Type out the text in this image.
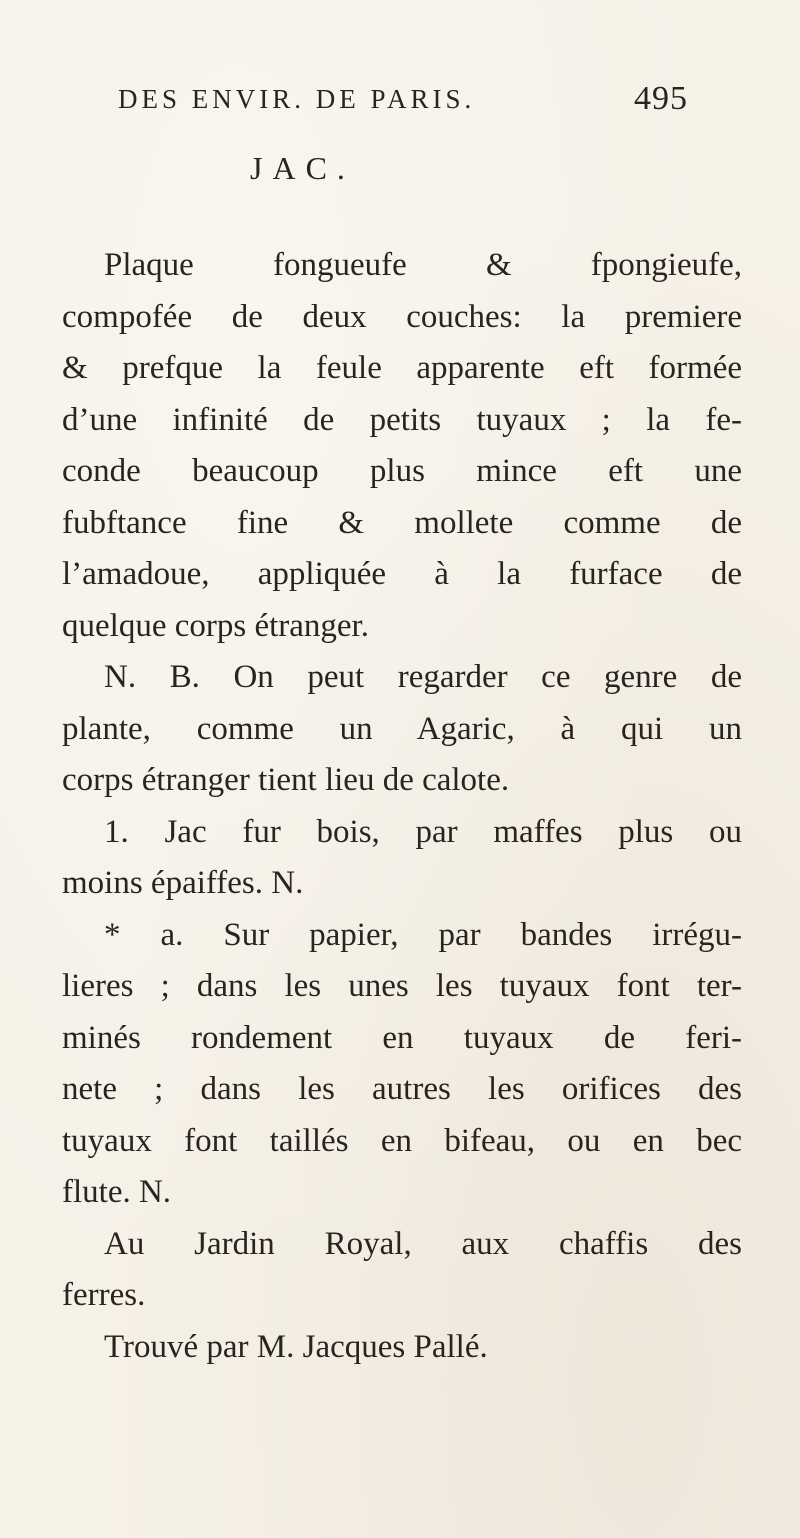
DES ENVIR. DE PARIS.	495
JAC.
Plaque fongueufe & fpongieufe,
compofée de deux couches: la premiere
& prefque la feule apparente eft formée
d’une infinité de petits tuyaux ; la fe-
conde beaucoup plus mince eft une
fubftance fine & mollete comme de
l’amadoue, appliquée à la furface de
quelque corps étranger.
N. B. On peut regarder ce genre de
plante, comme un Agaric, à qui un
corps étranger tient lieu de calote.
1. Jac fur bois, par maffes plus ou
moins épaiffes. N.
* a. Sur papier, par bandes irrégu-
lieres ; dans les unes les tuyaux font ter-
minés rondement en tuyaux de feri-
nete ; dans les autres les orifices des
tuyaux font taillés en bifeau, ou en bec
flute. N.
Au Jardin Royal, aux chaffis des
ferres.
Trouvé par M. Jacques Pallé.
